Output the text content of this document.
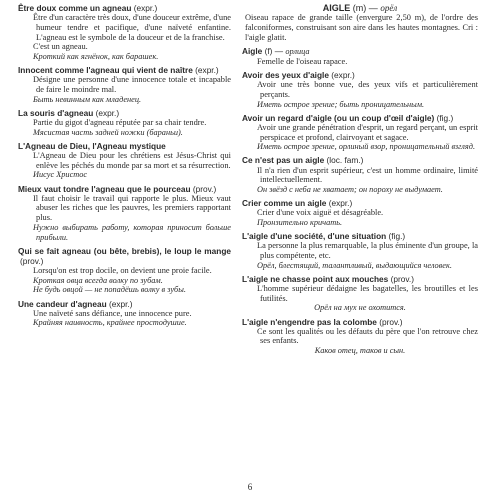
Être doux comme un agneau (expr.)
Être d'un caractère très doux, d'une douceur extrême, d'une humeur tendre et pacifique, d'une naïveté enfantine. L'agneau est le symbole de la douceur et de la franchise.
C'est un agneau.
Кроткий как ягнёнок, как барашек.
Innocent comme l'agneau qui vient de naître (expr.)
Désigne une personne d'une innocence totale et incapable de faire le moindre mal.
Быть невинным как младенец.
La souris d'agneau (expr.)
Partie du gigot d'agneau réputée par sa chair tendre.
Мясистая часть задней ножки (бараньи).
L'Agneau de Dieu, l'Agneau mystique
L'Agneau de Dieu pour les chrétiens est Jésus-Christ qui enlève les péchés du monde par sa mort et sa résurrection.
Иисус Христос
Mieux vaut tondre l'agneau que le pourceau (prov.)
Il faut choisir le travail qui rapporte le plus. Mieux vaut abuser les riches que les pauvres, les premiers rapportant plus.
Нужно выбирать работу, которая приносит больше прибыли.
Qui se fait agneau (ou bête, brebis), le loup le mange (prov.)
Lorsqu'on est trop docile, on devient une proie facile.
Кроткая овца всегда волку по зубам.
Не будь овцой — не попадёшь волку в зубы.
Une candeur d'agneau (expr.)
Une naïveté sans défiance, une innocence pure.
Крайняя наивность, крайнее простодушие.
AIGLE (m) — орёл
Oiseau rapace de grande taille (envergure 2,50 m), de l'ordre des falconiformes, construisant son aire dans les hautes montagnes. Cri : l'aigle glatit.
Aigle (f) — орлица
Femelle de l'oiseau rapace.
Avoir des yeux d'aigle (expr.)
Avoir une très bonne vue, des yeux vifs et particulièrement perçants.
Иметь острое зрение; быть проницательным.
Avoir un regard d'aigle (ou un coup d'œil d'aigle) (fig.)
Avoir une grande pénétration d'esprit, un regard perçant, un esprit perspicace et profond, clairvoyant et sagace.
Иметь острое зрение, орлиный взор, проницательный взгляд.
Ce n'est pas un aigle (loc. fam.)
Il n'a rien d'un esprit supérieur, c'est un homme ordinaire, limité intellectuellement.
Он звёзд с неба не хватает; он пороху не выдумает.
Crier comme un aigle (expr.)
Crier d'une voix aiguë et désagréable.
Пронзительно кричать.
L'aigle d'une société, d'une situation (fig.)
La personne la plus remarquable, la plus éminente d'un groupe, la plus compétente, etc.
Орёл, блестящий, талантливый, выдающийся человек.
L'aigle ne chasse point aux mouches (prov.)
L'homme supérieur dédaigne les bagatelles, les broutilles et les futilités.
Орёл на мух не охотится.
L'aigle n'engendre pas la colombe (prov.)
Ce sont les qualités ou les défauts du père que l'on retrouve chez ses enfants.
Каков отец, таков и сын.
6
